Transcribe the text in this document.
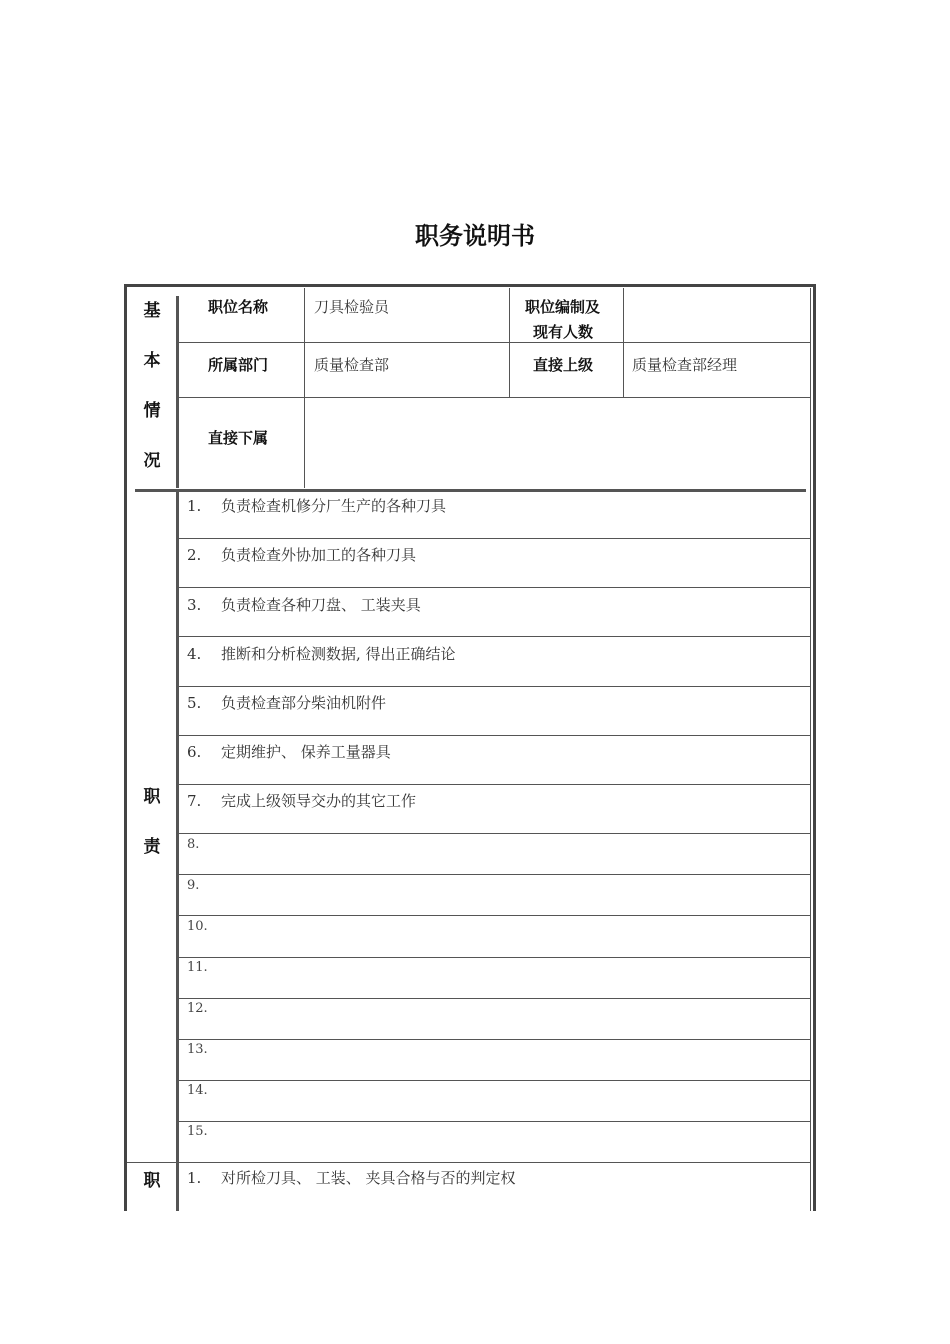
职务说明书
基
本
情
况
职位名称	刀具检验员	职位编制及
现有人数
所属部门	质量检查部	直接上级	质量检查部经理
直接下属
职
责
1. 负责检查机修分厂生产的各种刀具
2. 负责检查外协加工的各种刀具
3. 负责检查各种刀盘、 工装夹具
4. 推断和分析检测数据, 得出正确结论
5. 负责检查部分柴油机附件
6. 定期维护、 保养工量器具
7. 完成上级领导交办的其它工作
8.
9.
10.
11.
12.
13.
14.
15.
职	1. 对所检刀具、 工装、 夹具合格与否的判定权
